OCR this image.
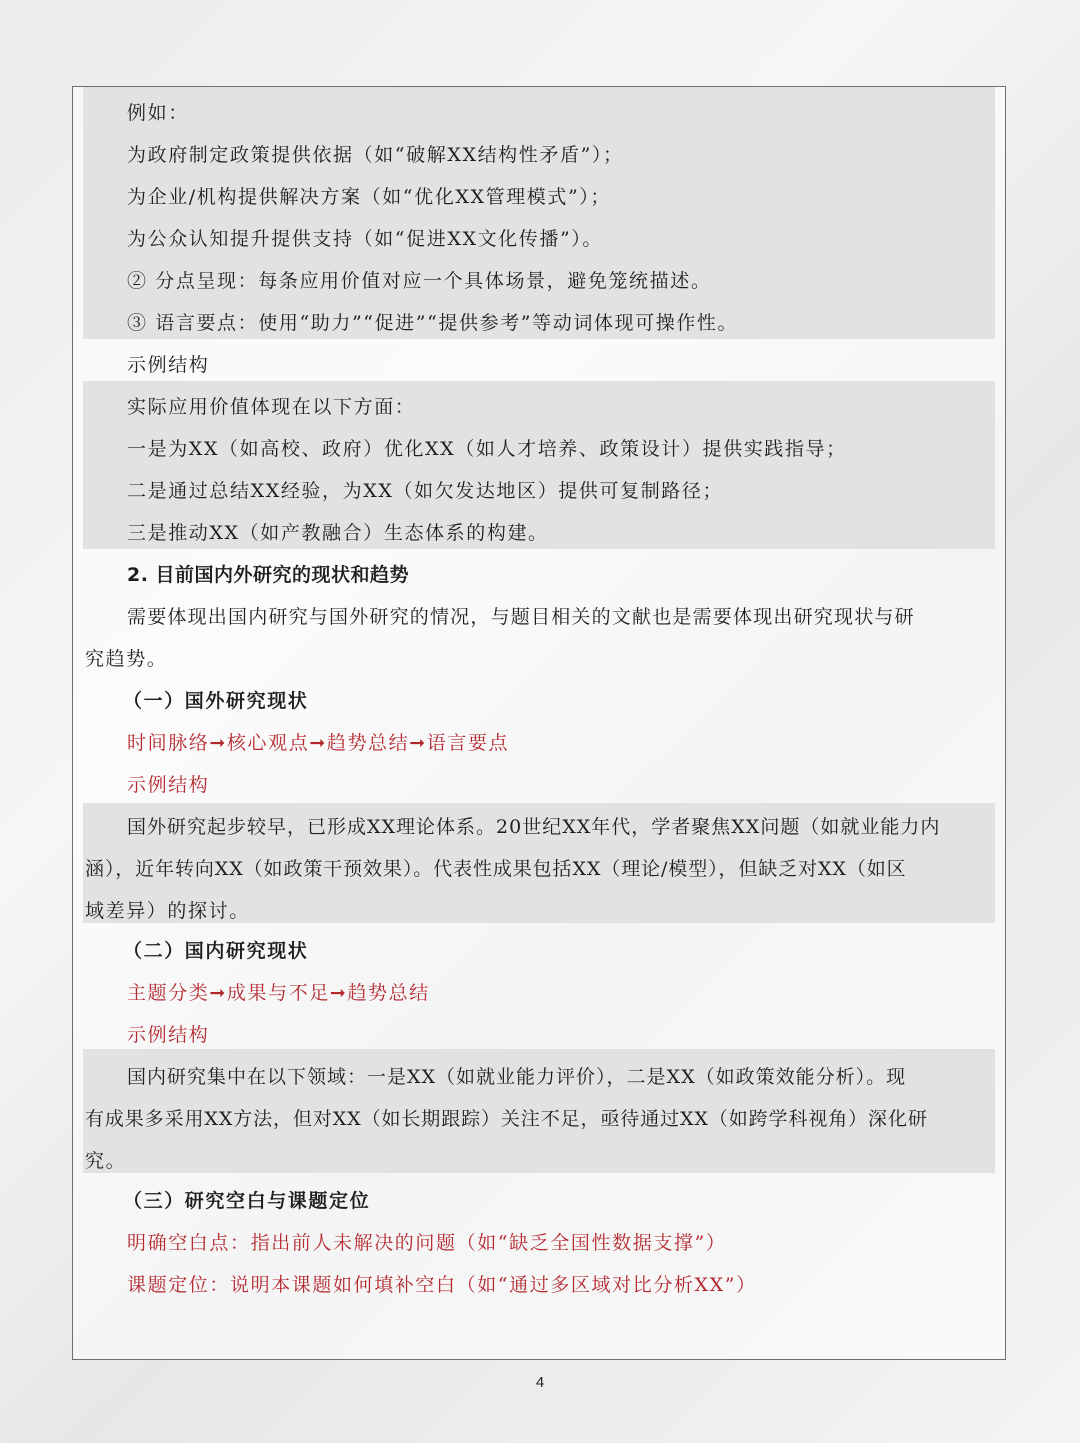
例如：
为政府制定政策提供依据（如“破解XX结构性矛盾”）；
为企业/机构提供解决方案（如“优化XX管理模式”）；
为公众认知提升提供支持（如“促进XX文化传播”）。
② 分点呈现：每条应用价值对应一个具体场景，避免笼统描述。
③ 语言要点：使用“助力”“促进”“提供参考”等动词体现可操作性。
示例结构
实际应用价值体现在以下方面：
一是为XX（如高校、政府）优化XX（如人才培养、政策设计）提供实践指导；
二是通过总结XX经验，为XX（如欠发达地区）提供可复制路径；
三是推动XX（如产教融合）生态体系的构建。
2. 目前国内外研究的现状和趋势
需要体现出国内研究与国外研究的情况，与题目相关的文献也是需要体现出研究现状与研
究趋势。
（一）国外研究现状
时间脉络➞核心观点➞趋势总结➞语言要点
示例结构
国外研究起步较早，已形成XX理论体系。20世纪XX年代，学者聚焦XX问题（如就业能力内
涵），近年转向XX（如政策干预效果）。代表性成果包括XX（理论/模型），但缺乏对XX（如区
域差异）的探讨。
（二）国内研究现状
主题分类➞成果与不足➞趋势总结
示例结构
国内研究集中在以下领域：一是XX（如就业能力评价），二是XX（如政策效能分析）。现
有成果多采用XX方法，但对XX（如长期跟踪）关注不足，亟待通过XX（如跨学科视角）深化研
究。
（三）研究空白与课题定位
明确空白点：指出前人未解决的问题（如“缺乏全国性数据支撑”）
课题定位：说明本课题如何填补空白（如“通过多区域对比分析XX”）
4
